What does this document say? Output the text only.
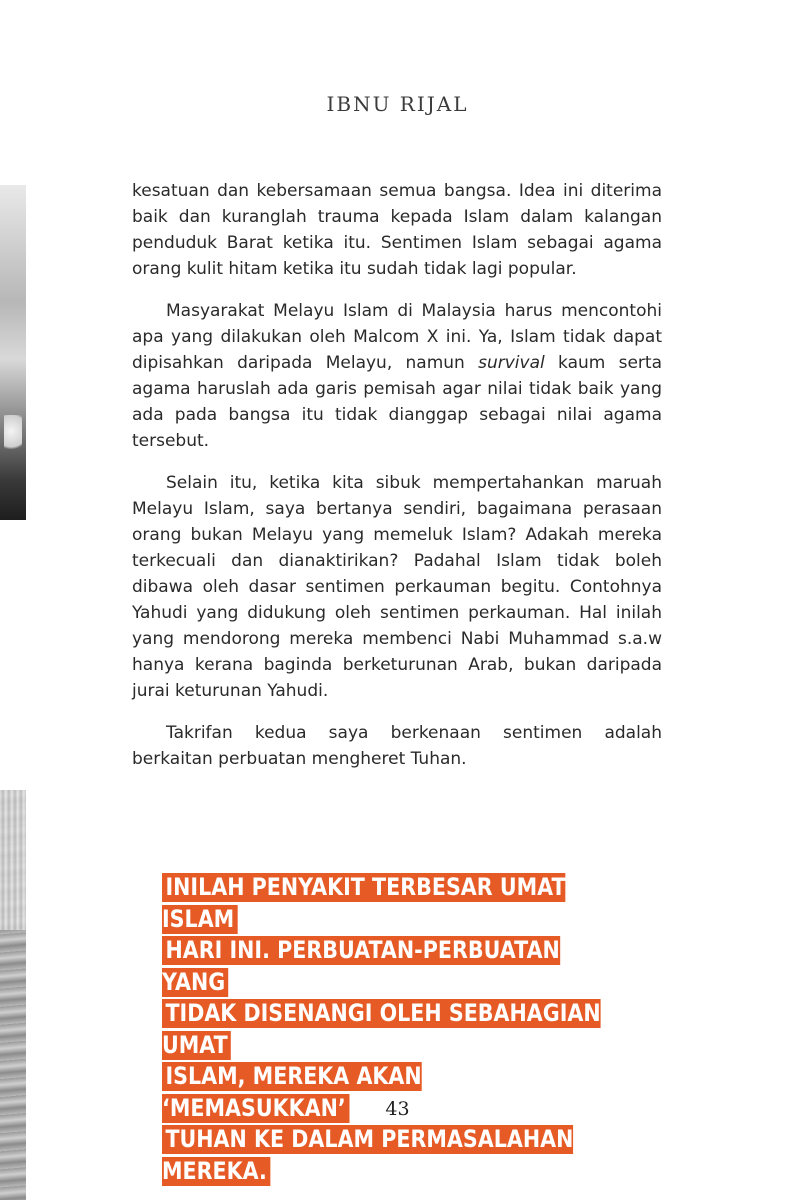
IBNU RIJAL

kesatuan dan kebersamaan semua bangsa. Idea ini diterima baik dan kuranglah trauma kepada Islam dalam kalangan penduduk Barat ketika itu. Sentimen Islam sebagai agama orang kulit hitam ketika itu sudah tidak lagi popular.

Masyarakat Melayu Islam di Malaysia harus mencontohi apa yang dilakukan oleh Malcom X ini. Ya, Islam tidak dapat dipisahkan daripada Melayu, namun survival kaum serta agama haruslah ada garis pemisah agar nilai tidak baik yang ada pada bangsa itu tidak dianggap sebagai nilai agama tersebut.

Selain itu, ketika kita sibuk mempertahankan maruah Melayu Islam, saya bertanya sendiri, bagaimana perasaan orang bukan Melayu yang memeluk Islam? Adakah mereka terkecuali dan dianaktirikan? Padahal Islam tidak boleh dibawa oleh dasar sentimen perkauman begitu. Contohnya Yahudi yang didukung oleh sentimen perkauman. Hal inilah yang mendorong mereka membenci Nabi Muhammad s.a.w hanya kerana baginda berketurunan Arab, bukan daripada jurai keturunan Yahudi.

Takrifan kedua saya berkenaan sentimen adalah berkaitan perbuatan mengheret Tuhan.

INILAH PENYAKIT TERBESAR UMAT ISLAM
HARI INI. PERBUATAN-PERBUATAN YANG
TIDAK DISENANGI OLEH SEBAHAGIAN UMAT
ISLAM, MEREKA AKAN ‘MEMASUKKAN’
TUHAN KE DALAM PERMASALAHAN MEREKA.
43
